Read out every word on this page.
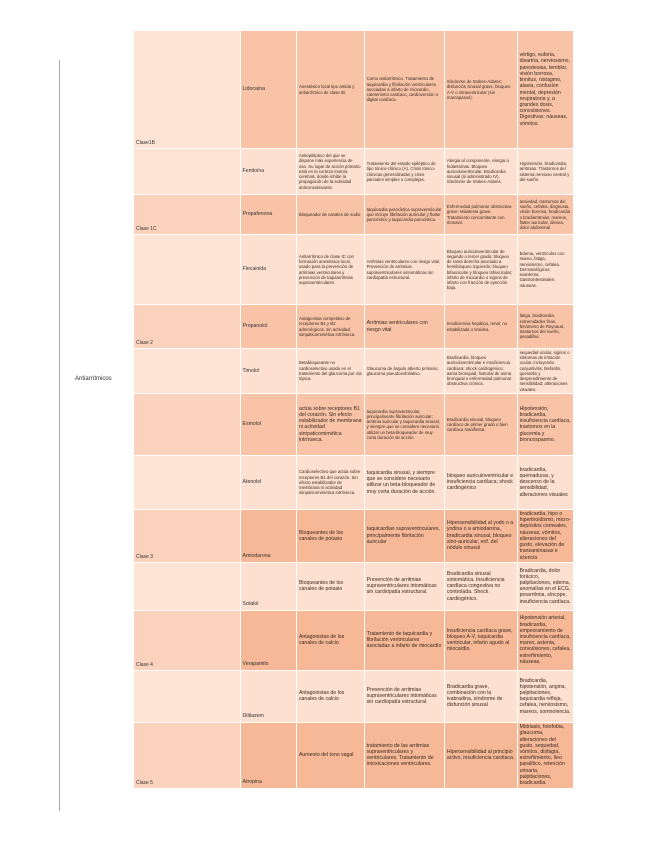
Antiarrítmicos
Clase1B	Lidocaína	Anestésico local tipo amida y antiarrítmico de clase IB.	Como antiarrítmico. Tratamiento de taquicardia y fibrilación ventriculares asociadas a infarto de miocardio, cateterismo cardíaco, cardioversión o digital cardíaca.	Síndrome de Stokes-Adams; disfunción sinusal grave, bloqueo A-V o intraventricular (sin marcapasos).	vértigo, euforia, disartria, nerviosismo, parestesias, temblor, visión borrosa, tinnitus, nistagmo, ataxia, confusión mental, depresión respiratoria y, a grandes dosis, convulsiones. Digestivas: náuseas, vómitos.
	Fenitoína	Antiepiléptico del que se dispone más experiencia de uso. Su lugar de acción primario está en la corteza motora cerebral, donde inhibe la propagación de la actividad anticonvulsivante.	Tratamiento del estado epiléptico de tipo tónico-clónico (A). Crisis tónico-clónicas generalizadas y crisis parciales simples o complejas.	Alergia al componente. Alergia a hidantoínas. Bloqueo auriculoventricular. Bradicardia sinusal (si administrado IV). Síndrome de Stokes-Adams.	Hipotensión, bradicardia, arritmias. Trastornos del sistema nervioso central y del sueño.
Clase 1C	Propafenona	Bloqueador de canales de sodio	taquicardia paroxística supraventricular que incluye fibrilación auricular y flutter paroxístico y taquicardia paroxística.	Enfermedad pulmonar obstructiva grave. Miastenia grave. Tratamiento concomitante con ritonavir.	ansiedad, trastornos del sueño, cefalea, disgeusia, visión borrosa, bradicardia o bradiarritmias; mareos, flutter auricular, disnea, dolor abdominal.
	Flecainida	Antiarrítmico de clase IC con formación anestésica local, usado para la prevención de arritmias ventriculares y prevención de taquiarritmias supraventriculares.	Arritmias ventriculares con riesgo vital. Prevención de arritmias supraventriculares sintomáticas sin cardiopatía estructural.	Bloqueo auriculoventricular de segundo o tercer grado; bloqueo de rama derecha asociado a hemibloqueo izquierdo; bloqueo bifascicular y bloqueo trifascicular; infarto de miocardio o signos de infarto con fracción de eyección baja.	Edema, ventrículos con mareo, fatiga, nerviosismo, cefalea. Dermatológicos: exantema. Gastrointestinales: náuseas.
Clase 2	Propanolol	Antagonista competitivo de receptores B1 y B2 adrenérgicos, sin actividad simpaticomimética intrínseca.	Arritmias ventriculares con riesgo vital	Insuficiencia hepática, renal, no estabilizada o tiroidea.	fatiga, bradicardia, extremidades frías, fenómeno de Raynaud, trastornos del sueño, pesadillas.
	Timolol	Betabloqueante no cardioselectivo usado en el tratamiento del glaucoma por vía tópica.	Glaucoma de ángulo abierto primario, glaucoma pseudoexfoliativo.	Bradicardia, bloqueo auriculoventricular e insuficiencia cardíaca; shock cardiogénico; asma bronquial; historial de asma bronquial o enfermedad pulmonar obstructiva crónica.	sequedad ocular, signos o síntomas de irritación ocular, incluyendo conjuntivitis, blefaritis, queratitis y desprendimiento de sensibilidad; alteraciones visuales.
	Esmolol	actúa sobre receptores B1 del corazón. Sin efecto estabilizador de membrana ni actividad simpaticomimética intrínseca.	taquicardia supraventricular, principalmente fibrilación auricular; arritmia auricular y taquicardia sinusal, y siempre que se considere necesario utilizar un beta-bloqueador de muy corta duración de acción.	Bradicardia sinusal, bloqueo cardíaco de primer grado o bien cardíaca manifiesta.	Hipotensión, bradicardia, insuficiencia cardíaca, trastornos en la glucemia y broncospasmo.
	Atenolol	Cardioselectivo que actúa sobre receptores B1 del corazón. Sin efecto estabilizador de membrana ni actividad simpaticomimética intrínseca.	taquicardia sinusal, y siempre que se considere necesario utilizar un beta-bloqueador de muy corta duración de acción.	bloqueo auriculoventricular e insuficiencia cardíaca; shock cardiogénico	bradicardia, quemaduras, y descenso de la sensibilidad, alteraciones visuales
Clase 3	Amiodarona	Bloqueantes de los canales de potasio	taquicardias supraventriculares, principalmente fibrilación auricular	Hipersensibilidad al yodo o a yodina o a amiodarona, bradicardia sinusal, bloqueo sino-auricular, enf. del nódulo sinusal	bradicardia, hipo o hipertiroidismo, micro-depósitos corneales, náuseas, vómitos, alteraciones del gusto, elevación de transaminasas e ictericia
	Sotalol	Bloqueantes de los canales de potasio	Prevención de arritmias supraventriculares intomáticas sin cardiopatía estructural.	Bradicardia sinusal sintomática. Insuficiencia cardíaca congestiva no controlada. Shock cardiogénico.	Bradicardia, dolor torácico, palpitaciones, edema, anomalías en el ECG, proarritmia, síncope, insuficiencia cardíaca.
Clase 4	Verapamilo	Antagonistas de los canales de calcio	Tratamiento de taquicardia y fibrilación ventriculares asociadas a infarto de miocardio	Insuficiencia cardíaca grave, bloqueo A-V, taquicardia ventricular, infarto agudo al miocardio.	Hipotensión arterial, bradicardia, empeoramiento de insuficiencia cardíaca, mareo, astenia, convulsiones, cefalea, estreñimiento, náuseas.
	Diltiazem	Antagonistas de los canales de calcio	Prevención de arritmias supraventriculares intomáticas sin cardiopatía estructural.	Bradicardia grave, combinación con la ivabradina, síndrome de disfunción sinusal	Bradicardia, hipotensión, angina, palpitaciones, taquicardia refleja, cefalea, nerviosismo, mareos, somnolencia.
Clase 5	Atropina	Aumento del tono vagal	tratamiento de las arritmias supraventriculares y ventriculares. Tratamiento de intoxicaciones ventriculares.	Hipersensibilidad al principio activo, insuficiencia cardíaca.	Midriasis, fotofobia, glaucoma, alteraciones del gusto, sequedad, vómitos, disfagia, estreñimiento, íleo paralítico, retención urinaria, palpitaciones, bradicardia.
